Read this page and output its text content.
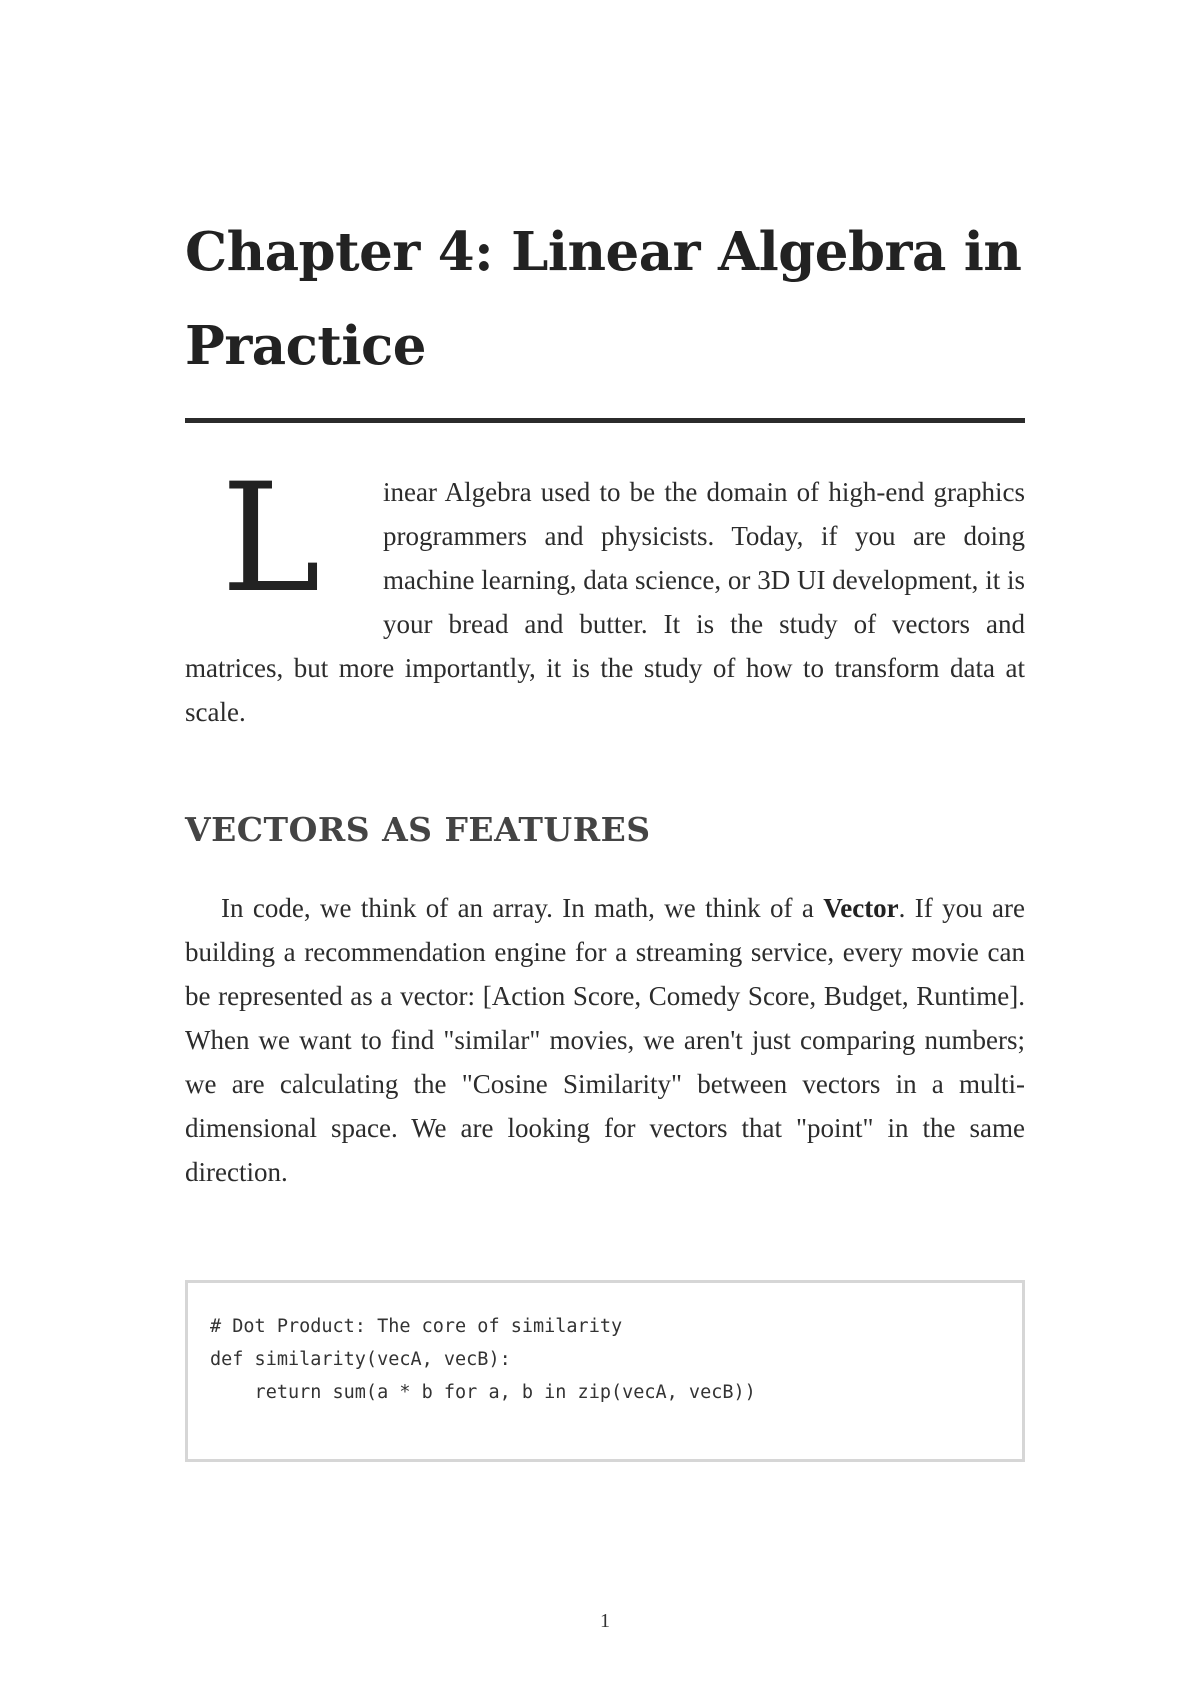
Chapter 4: Linear Algebra in Practice

L	inear Algebra used to be the domain of high-end graphics programmers and physicists. Today, if you are doing machine learning, data science, or 3D UI development, it is your bread and butter. It is the study of vectors and matrices, but more importantly, it is the study of how to transform data at scale.

VECTORS AS FEATURES

In code, we think of an array. In math, we think of a Vector. If you are building a recommendation engine for a streaming service, every movie can be represented as a vector: [Action Score, Comedy Score, Budget, Runtime]. When we want to find "similar" movies, we aren't just comparing numbers; we are calculating the "Cosine Similarity" between vectors in a multi-dimensional space. We are looking for vectors that "point" in the same direction.

# Dot Product: The core of similarity
def similarity(vecA, vecB):
return sum(a * b for a, b in zip(vecA, vecB))
1
